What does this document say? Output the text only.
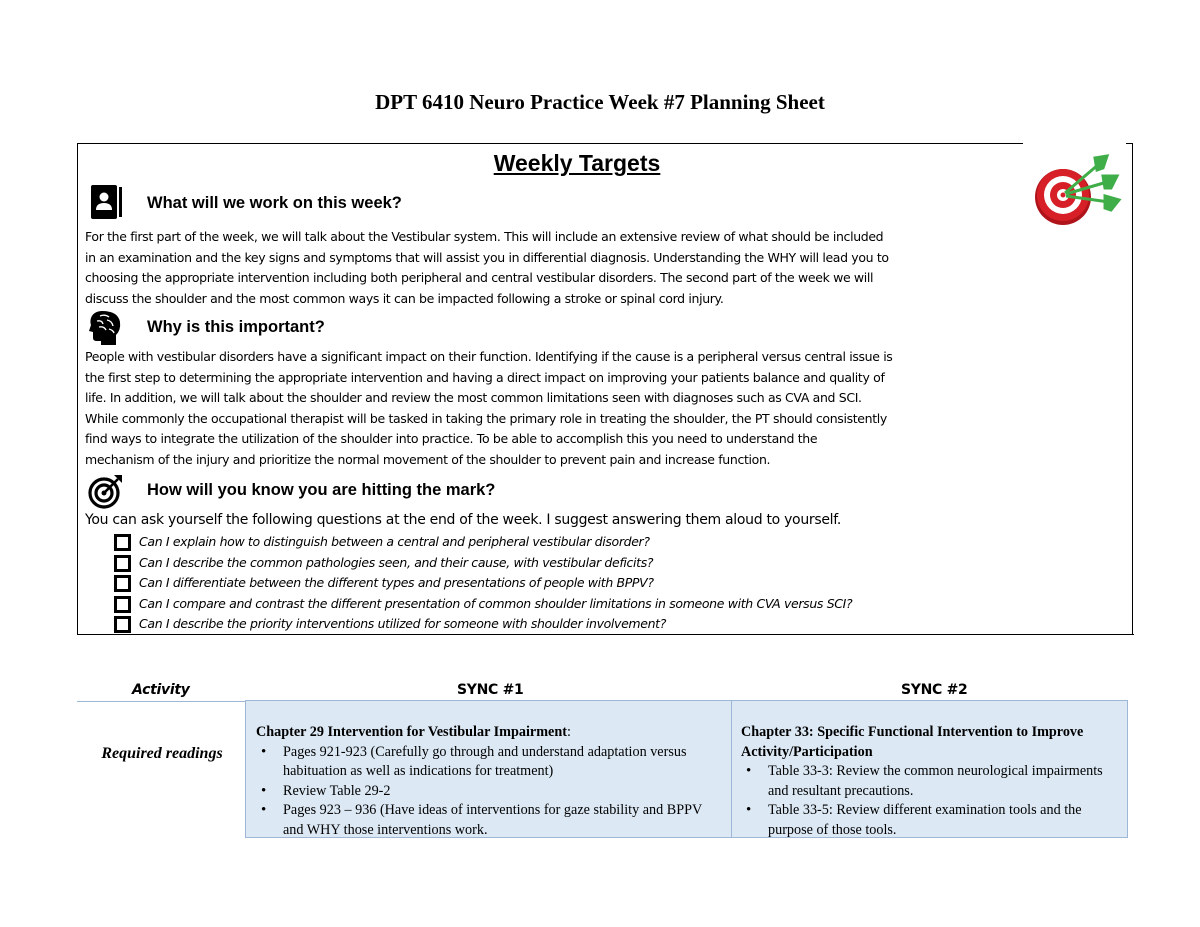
DPT 6410 Neuro Practice Week #7 Planning Sheet
Weekly Targets
What will we work on this week?
For the first part of the week, we will talk about the Vestibular system. This will include an extensive review of what should be included
in an examination and the key signs and symptoms that will assist you in differential diagnosis. Understanding the WHY will lead you to
choosing the appropriate intervention including both peripheral and central vestibular disorders. The second part of the week we will
discuss the shoulder and the most common ways it can be impacted following a stroke or spinal cord injury.
Why is this important?
People with vestibular disorders have a significant impact on their function. Identifying if the cause is a peripheral versus central issue is
the first step to determining the appropriate intervention and having a direct impact on improving your patients balance and quality of
life. In addition, we will talk about the shoulder and review the most common limitations seen with diagnoses such as CVA and SCI.
While commonly the occupational therapist will be tasked in taking the primary role in treating the shoulder, the PT should consistently
find ways to integrate the utilization of the shoulder into practice. To be able to accomplish this you need to understand the
mechanism of the injury and prioritize the normal movement of the shoulder to prevent pain and increase function.
How will you know you are hitting the mark?
You can ask yourself the following questions at the end of the week. I suggest answering them aloud to yourself.
Can I explain how to distinguish between a central and peripheral vestibular disorder?
Can I describe the common pathologies seen, and their cause, with vestibular deficits?
Can I differentiate between the different types and presentations of people with BPPV?
Can I compare and contrast the different presentation of common shoulder limitations in someone with CVA versus SCI?
Can I describe the priority interventions utilized for someone with shoulder involvement?
Activity	SYNC #1	SYNC #2
Required readings
Chapter 29 Intervention for Vestibular Impairment:
• Pages 921-923 (Carefully go through and understand adaptation versus habituation as well as indications for treatment)
• Review Table 29-2
• Pages 923 – 936 (Have ideas of interventions for gaze stability and BPPV and WHY those interventions work.
Chapter 33: Specific Functional Intervention to Improve Activity/Participation
• Table 33-3: Review the common neurological impairments and resultant precautions.
• Table 33-5: Review different examination tools and the purpose of those tools.
